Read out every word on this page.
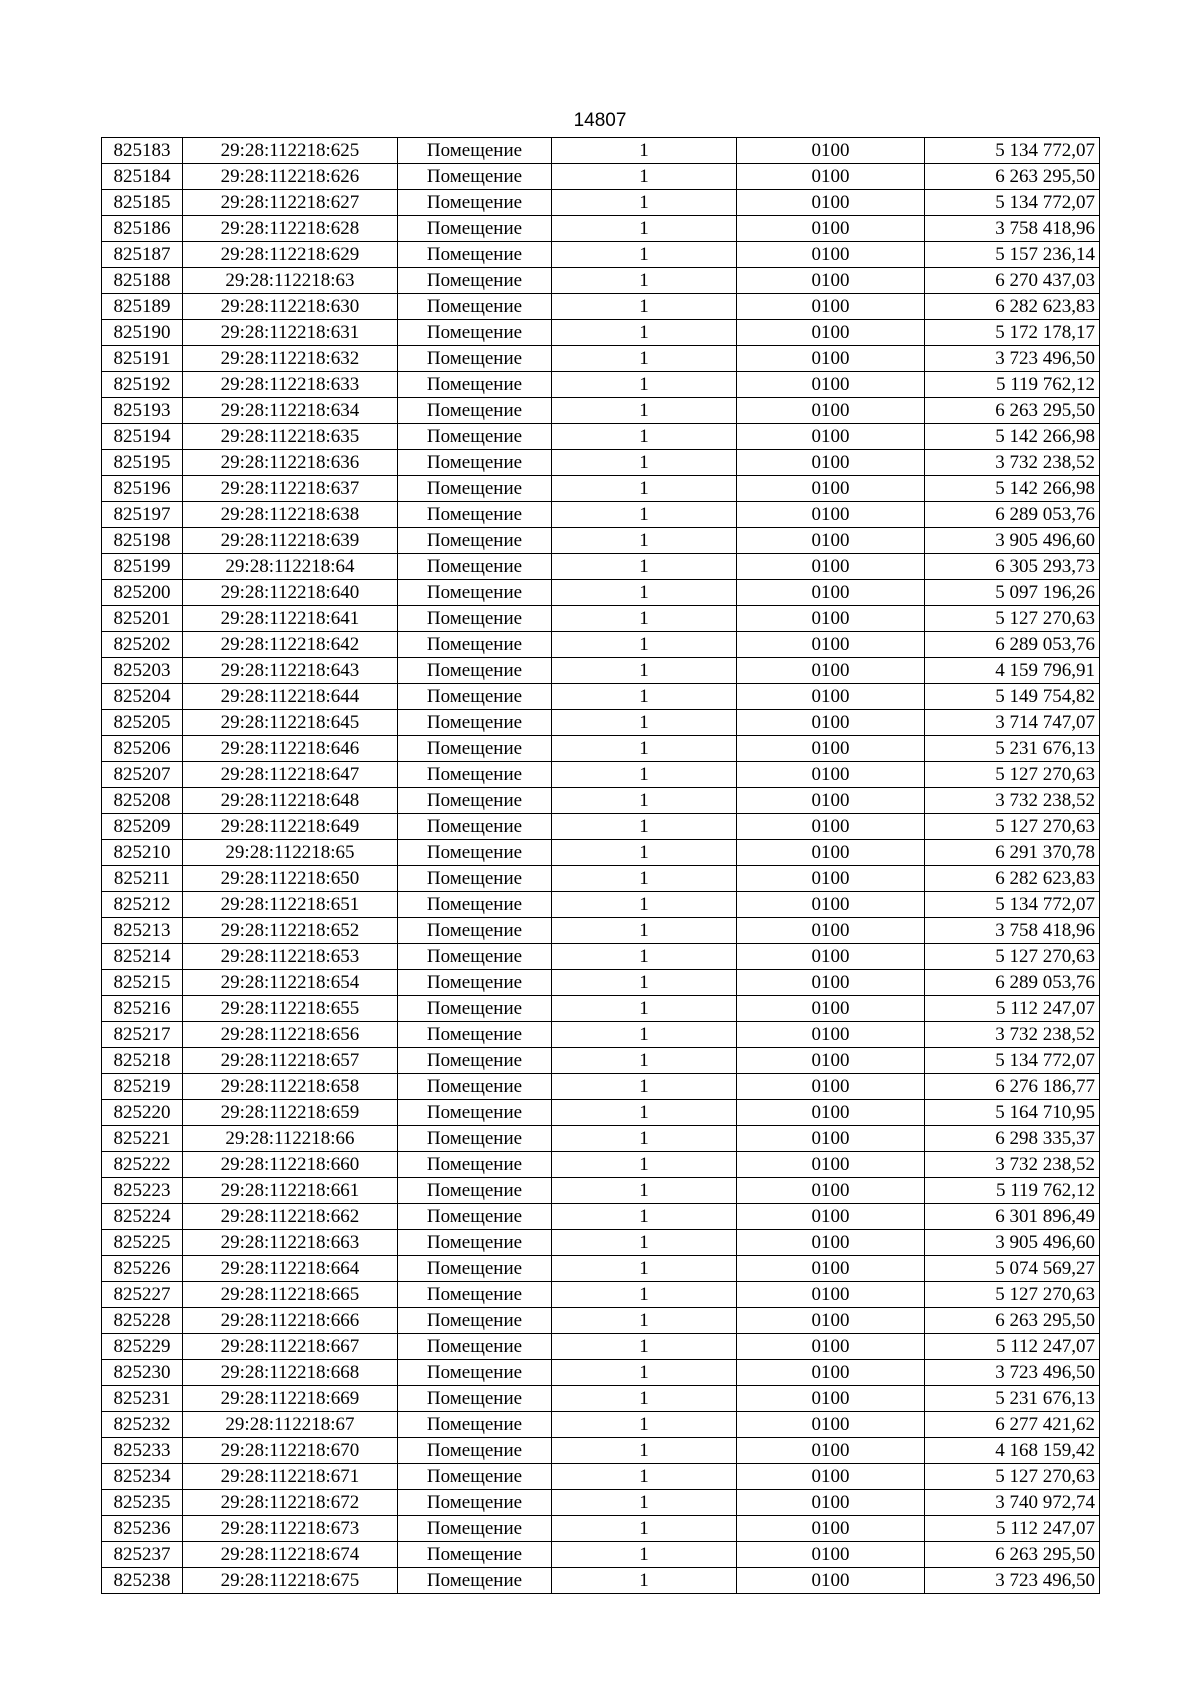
14807
825183	29:28:112218:625	Помещение	1	0100	5 134 772,07
825184	29:28:112218:626	Помещение	1	0100	6 263 295,50
825185	29:28:112218:627	Помещение	1	0100	5 134 772,07
825186	29:28:112218:628	Помещение	1	0100	3 758 418,96
825187	29:28:112218:629	Помещение	1	0100	5 157 236,14
825188	29:28:112218:63	Помещение	1	0100	6 270 437,03
825189	29:28:112218:630	Помещение	1	0100	6 282 623,83
825190	29:28:112218:631	Помещение	1	0100	5 172 178,17
825191	29:28:112218:632	Помещение	1	0100	3 723 496,50
825192	29:28:112218:633	Помещение	1	0100	5 119 762,12
825193	29:28:112218:634	Помещение	1	0100	6 263 295,50
825194	29:28:112218:635	Помещение	1	0100	5 142 266,98
825195	29:28:112218:636	Помещение	1	0100	3 732 238,52
825196	29:28:112218:637	Помещение	1	0100	5 142 266,98
825197	29:28:112218:638	Помещение	1	0100	6 289 053,76
825198	29:28:112218:639	Помещение	1	0100	3 905 496,60
825199	29:28:112218:64	Помещение	1	0100	6 305 293,73
825200	29:28:112218:640	Помещение	1	0100	5 097 196,26
825201	29:28:112218:641	Помещение	1	0100	5 127 270,63
825202	29:28:112218:642	Помещение	1	0100	6 289 053,76
825203	29:28:112218:643	Помещение	1	0100	4 159 796,91
825204	29:28:112218:644	Помещение	1	0100	5 149 754,82
825205	29:28:112218:645	Помещение	1	0100	3 714 747,07
825206	29:28:112218:646	Помещение	1	0100	5 231 676,13
825207	29:28:112218:647	Помещение	1	0100	5 127 270,63
825208	29:28:112218:648	Помещение	1	0100	3 732 238,52
825209	29:28:112218:649	Помещение	1	0100	5 127 270,63
825210	29:28:112218:65	Помещение	1	0100	6 291 370,78
825211	29:28:112218:650	Помещение	1	0100	6 282 623,83
825212	29:28:112218:651	Помещение	1	0100	5 134 772,07
825213	29:28:112218:652	Помещение	1	0100	3 758 418,96
825214	29:28:112218:653	Помещение	1	0100	5 127 270,63
825215	29:28:112218:654	Помещение	1	0100	6 289 053,76
825216	29:28:112218:655	Помещение	1	0100	5 112 247,07
825217	29:28:112218:656	Помещение	1	0100	3 732 238,52
825218	29:28:112218:657	Помещение	1	0100	5 134 772,07
825219	29:28:112218:658	Помещение	1	0100	6 276 186,77
825220	29:28:112218:659	Помещение	1	0100	5 164 710,95
825221	29:28:112218:66	Помещение	1	0100	6 298 335,37
825222	29:28:112218:660	Помещение	1	0100	3 732 238,52
825223	29:28:112218:661	Помещение	1	0100	5 119 762,12
825224	29:28:112218:662	Помещение	1	0100	6 301 896,49
825225	29:28:112218:663	Помещение	1	0100	3 905 496,60
825226	29:28:112218:664	Помещение	1	0100	5 074 569,27
825227	29:28:112218:665	Помещение	1	0100	5 127 270,63
825228	29:28:112218:666	Помещение	1	0100	6 263 295,50
825229	29:28:112218:667	Помещение	1	0100	5 112 247,07
825230	29:28:112218:668	Помещение	1	0100	3 723 496,50
825231	29:28:112218:669	Помещение	1	0100	5 231 676,13
825232	29:28:112218:67	Помещение	1	0100	6 277 421,62
825233	29:28:112218:670	Помещение	1	0100	4 168 159,42
825234	29:28:112218:671	Помещение	1	0100	5 127 270,63
825235	29:28:112218:672	Помещение	1	0100	3 740 972,74
825236	29:28:112218:673	Помещение	1	0100	5 112 247,07
825237	29:28:112218:674	Помещение	1	0100	6 263 295,50
825238	29:28:112218:675	Помещение	1	0100	3 723 496,50
